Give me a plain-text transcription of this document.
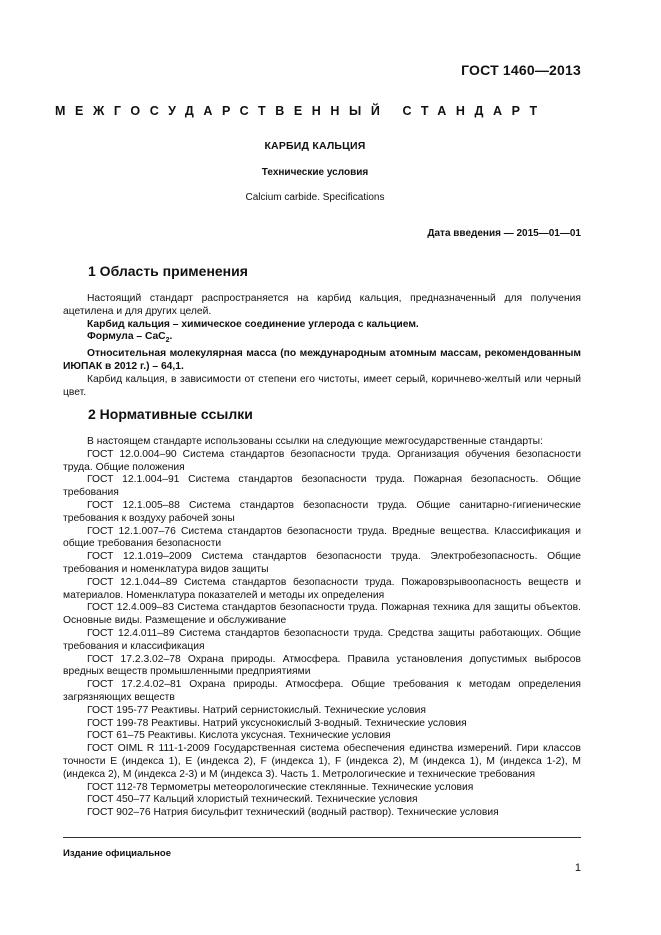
ГОСТ 1460—2013
МЕЖГОСУДАРСТВЕННЫЙ СТАНДАРТ
КАРБИД КАЛЬЦИЯ
Технические условия
Calcium carbide. Specifications
Дата введения — 2015—01—01
1 Область применения

Настоящий стандарт распространяется на карбид кальция, предназначенный для получения ацетилена и для других целей.

Карбид кальция – химическое соединение углерода с кальцием.

Формула – CaC$_2$.

Относительная молекулярная масса (по международным атомным массам, рекомендованным ИЮПАК в 2012 г.) – 64,1.

Карбид кальция, в зависимости от степени его чистоты, имеет серый, коричнево-желтый или черный цвет.

2 Нормативные ссылки

В настоящем стандарте использованы ссылки на следующие межгосударственные стандарты:

ГОСТ 12.0.004–90 Система стандартов безопасности труда. Организация обучения безопасности труда. Общие положения

ГОСТ 12.1.004–91 Система стандартов безопасности труда. Пожарная безопасность. Общие требования

ГОСТ 12.1.005–88 Система стандартов безопасности труда. Общие санитарно-гигиенические требования к воздуху рабочей зоны

ГОСТ 12.1.007–76 Система стандартов безопасности труда. Вредные вещества. Классификация и общие требования безопасности

ГОСТ 12.1.019–2009 Система стандартов безопасности труда. Электробезопасность. Общие требования и номенклатура видов защиты

ГОСТ 12.1.044–89 Система стандартов безопасности труда. Пожаровзрывоопасность веществ и материалов. Номенклатура показателей и методы их определения

ГОСТ 12.4.009–83 Система стандартов безопасности труда. Пожарная техника для защиты объектов. Основные виды. Размещение и обслуживание

ГОСТ 12.4.011–89 Система стандартов безопасности труда. Средства защиты работающих. Общие требования и классификация

ГОСТ 17.2.3.02–78 Охрана природы. Атмосфера. Правила установления допустимых выбросов вредных веществ промышленными предприятиями

ГОСТ 17.2.4.02–81 Охрана природы. Атмосфера. Общие требования к методам определения загрязняющих веществ

ГОСТ 195-77 Реактивы. Натрий сернистокислый. Технические условия

ГОСТ 199-78 Реактивы. Натрий уксуснокислый 3-водный. Технические условия

ГОСТ 61–75 Реактивы. Кислота уксусная. Технические условия

ГОСТ OIML R 111-1-2009 Государственная система обеспечения единства измерений. Гири классов точности E (индекса 1), E (индекса 2), F (индекса 1), F (индекса 2), M (индекса 1), M (индекса 1-2), M (индекса 2), M (индекса 2-3) и M (индекса 3). Часть 1. Метрологические и технические требования

ГОСТ 112-78 Термометры метеорологические стеклянные. Технические условия

ГОСТ 450–77 Кальций хлористый технический. Технические условия

ГОСТ 902–76 Натрия бисульфит технический (водный раствор). Технические условия

Издание официальное
1
